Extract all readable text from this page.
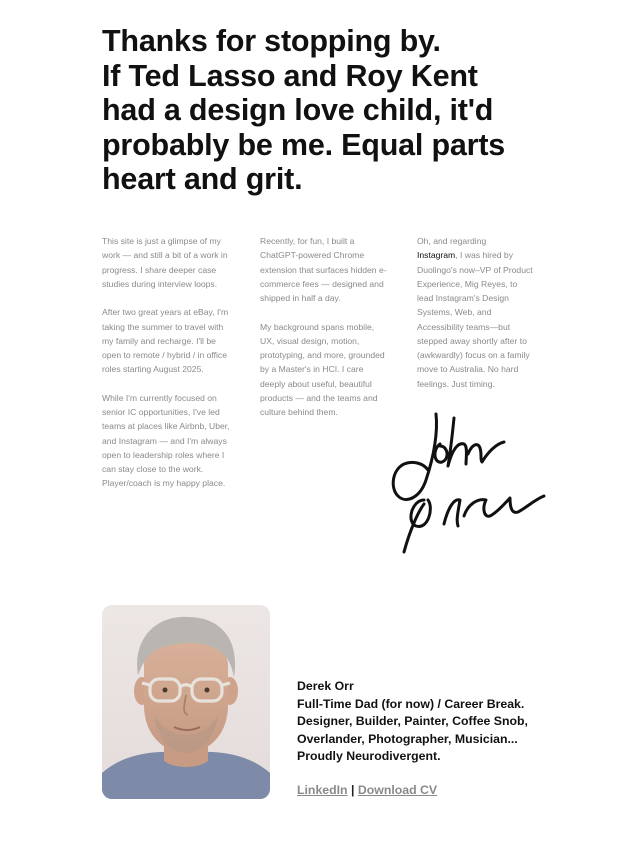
Thanks for stopping by.
If Ted Lasso and Roy Kent
had a design love child, it'd
probably be me. Equal parts
heart and grit.

This site is just a glimpse of my
work — and still a bit of a work in
progress. I share deeper case
studies during interview loops.

After two great years at eBay, I'm
taking the summer to travel with
my family and recharge. I'll be
open to remote / hybrid / in office
roles starting August 2025.

While I'm currently focused on
senior IC opportunities, I've led
teams at places like Airbnb, Uber,
and Instagram — and I'm always
open to leadership roles where I
can stay close to the work.
Player/coach is my happy place.

Recently, for fun, I built a
ChatGPT-powered Chrome
extension that surfaces hidden e-
commerce fees — designed and
shipped in half a day.

My background spans mobile,
UX, visual design, motion,
prototyping, and more, grounded
by a Master's in HCI. I care
deeply about useful, beautiful
products — and the teams and
culture behind them.

Oh, and regarding
Instagram, I was hired by
Duolingo's now–VP of Product
Experience, Mig Reyes, to
lead Instagram's Design
Systems, Web, and
Accessibility teams—but
stepped away shortly after to
(awkwardly) focus on a family
move to Australia. No hard
feelings. Just timing.

Derek Orr
Full-Time Dad (for now) / Career Break.
Designer, Builder, Painter, Coffee Snob,
Overlander, Photographer, Musician...
Proudly Neurodivergent.
LinkedIn | Download CV
